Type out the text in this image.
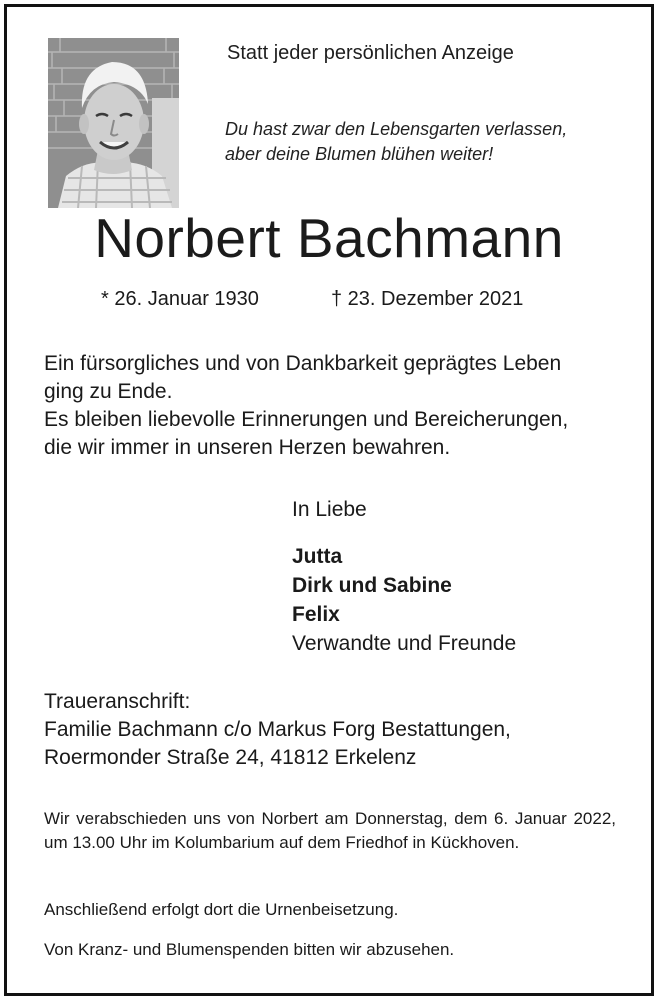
Statt jeder persönlichen Anzeige
Du hast zwar den Lebensgarten verlassen,
aber deine Blumen blühen weiter!
Norbert Bachmann
* 26. Januar 1930	† 23. Dezember 2021
Ein fürsorgliches und von Dankbarkeit geprägtes Leben
ging zu Ende.
Es bleiben liebevolle Erinnerungen und Bereicherungen,
die wir immer in unseren Herzen bewahren.
In Liebe
Jutta
Dirk und Sabine
Felix
Verwandte und Freunde
Traueranschrift:
Familie Bachmann c/o Markus Forg Bestattungen,
Roermonder Straße 24, 41812 Erkelenz
Wir verabschieden uns von Norbert am Donnerstag, dem 6. Januar 2022, um 13.00 Uhr im Kolumbarium auf dem Friedhof in Kückhoven.
Anschließend erfolgt dort die Urnenbeisetzung.
Von Kranz- und Blumenspenden bitten wir abzusehen.
